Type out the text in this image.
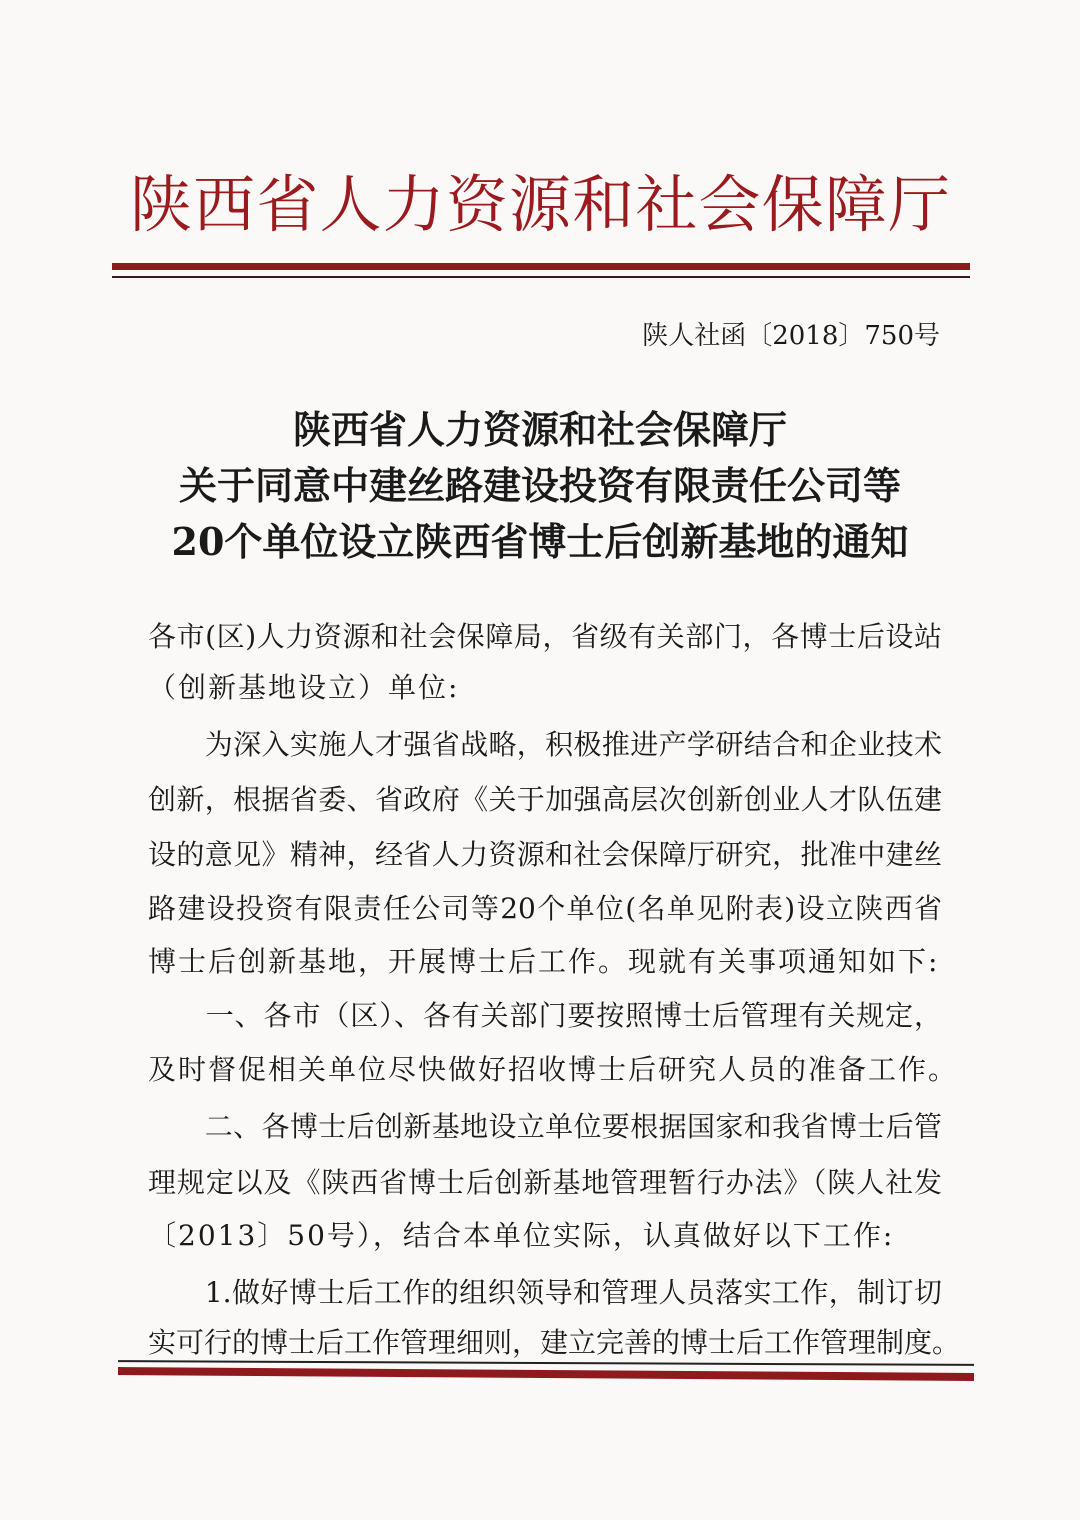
陕西省人力资源和社会保障厅
陕人社函〔2018〕750号
陕西省人力资源和社会保障厅
关于同意中建丝路建设投资有限责任公司等
20个单位设立陕西省博士后创新基地的通知
各市(区)人力资源和社会保障局，省级有关部门，各博士后设站
（创新基地设立）单位:
　　为深入实施人才强省战略，积极推进产学研结合和企业技术
创新，根据省委、省政府《关于加强高层次创新创业人才队伍建
设的意见》精神，经省人力资源和社会保障厅研究，批准中建丝
路建设投资有限责任公司等20个单位(名单见附表)设立陕西省
博士后创新基地，开展博士后工作。现就有关事项通知如下:
　　一、各市（区）、各有关部门要按照博士后管理有关规定，
及时督促相关单位尽快做好招收博士后研究人员的准备工作。
　　二、各博士后创新基地设立单位要根据国家和我省博士后管
理规定以及《陕西省博士后创新基地管理暂行办法》（陕人社发
〔2013〕50号），结合本单位实际，认真做好以下工作:
　　1.做好博士后工作的组织领导和管理人员落实工作，制订切
实可行的博士后工作管理细则，建立完善的博士后工作管理制度。
